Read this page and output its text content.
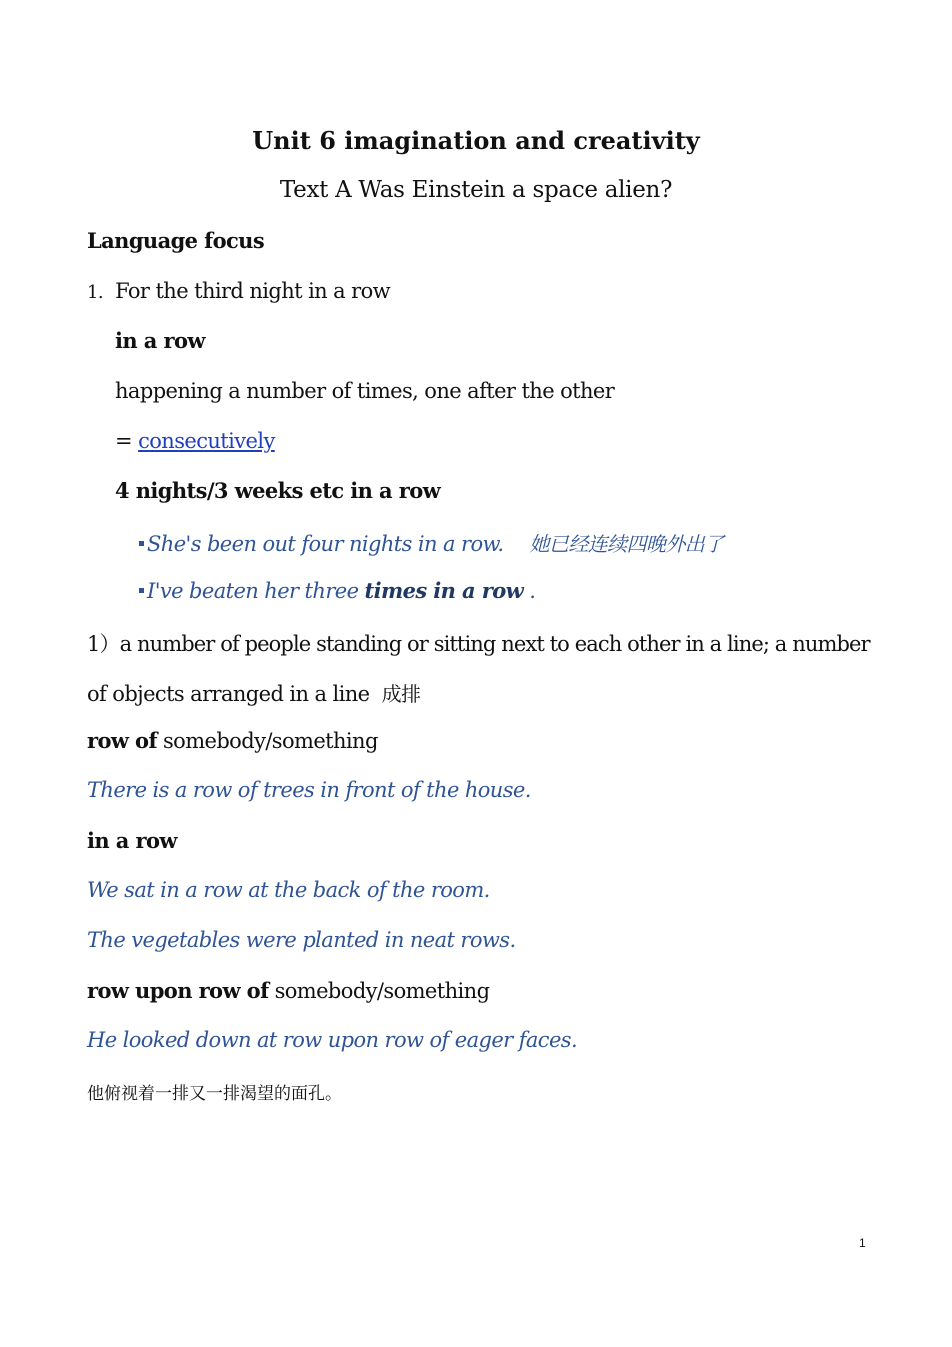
Unit 6 imagination and creativity
Text A Was Einstein a space alien?
Language focus
1. For the third night in a row
in a row
happening a number of times, one after the other
= consecutively
4 nights/3 weeks etc in a row
She's been out four nights in a row. 她已经连续四晚外出了
I've beaten her three times in a row .
1）a number of people standing or sitting next to each other in a line; a number
of objects arranged in a line 成排
row of somebody/something
There is a row of trees in front of the house.
in a row
We sat in a row at the back of the room.
The vegetables were planted in neat rows.
row upon row of somebody/something
He looked down at row upon row of eager faces.
他俯视着一排又一排渴望的面孔。
1
